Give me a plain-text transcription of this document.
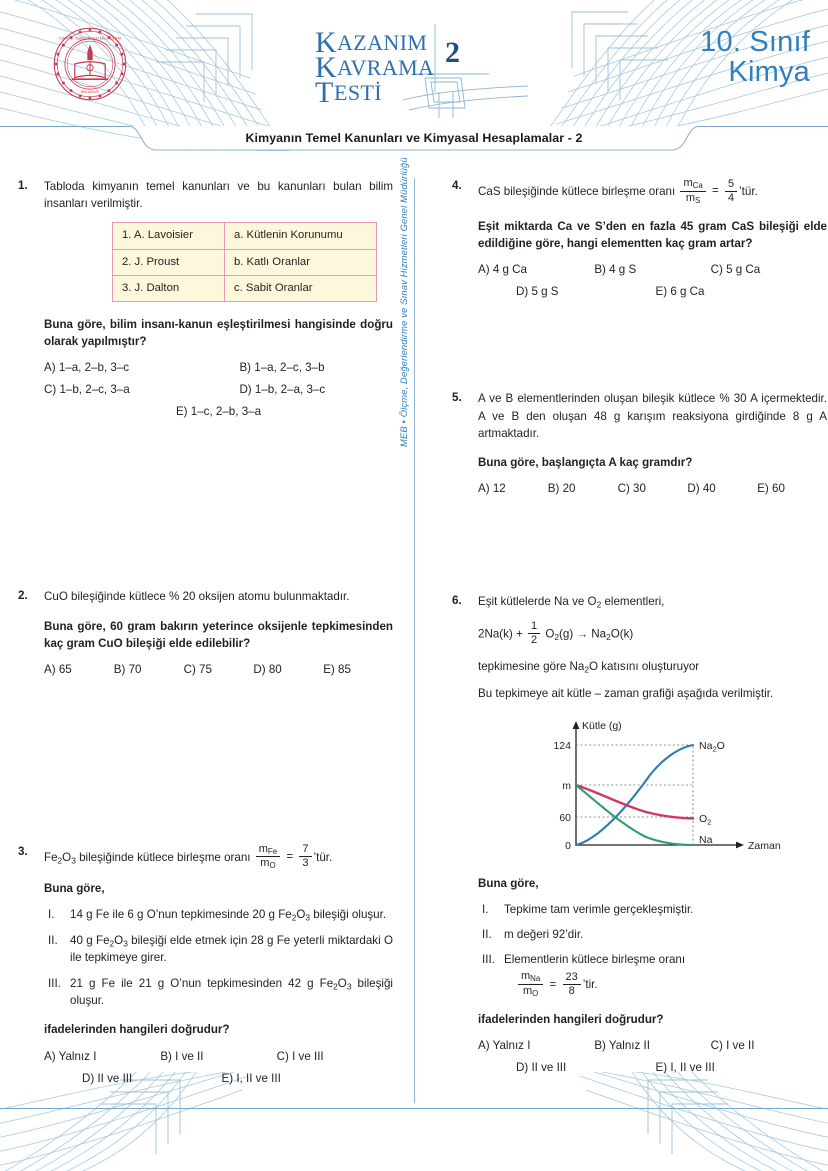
TÜRKİYE CUMHURİYETİ MİLLÎ EĞİTİM
BAKANLIĞI
K AZANIM
K AVRAMA
T ESTİ
2	10. Sınıf
Kimya
Kimyanın Temel Kanunları ve Kimyasal Hesaplamalar - 2
MEB • Ölçme, Değerlendirme ve Sınav Hizmetleri Genel Müdürlüğü
1.	Tabloda kimyanın temel kanunları ve bu kanunları bulan bilim insanları verilmiştir.

1. A. Lavoisier	a. Kütlenin Korunumu
2. J. Proust	b. Katlı Oranlar
3. J. Dalton	c. Sabit Oranlar

Buna göre, bilim insanı-kanun eşleştirilmesi hangisinde doğru olarak yapılmıştır?

A) 1–a, 2–b, 3–c	B) 1–a, 2–c, 3–b
C) 1–b, 2–c, 3–a	D) 1–b, 2–a, 3–c
E) 1–c, 2–b, 3–a
2.	CuO bileşiğinde kütlece % 20 oksijen atomu bulunmaktadır.

Buna göre, 60 gram bakırın yeterince oksijenle tepkimesinden kaç gram CuO bileşiği elde edilebilir?

A) 65	B) 70	C) 75	D) 80	E) 85
3.	$Fe_2O_3$ bileşiğinde kütlece birleşme oranı $\frac{m_{Fe}}{m_O} = \frac{7}{3}$ ’tür.

Buna göre,

I.	14 g Fe ile 6 g O’nun tepkimesinde 20 g $Fe_2O_3$ bileşiği oluşur.
II.	40 g $Fe_2O_3$ bileşiği elde etmek için 28 g Fe yeterli miktardaki O ile tepkimeye girer.
III. 21 g Fe ile 21 g O’nun tepkimesinden 42 g $Fe_2O_3$ bileşiği oluşur.

ifadelerinden hangileri doğrudur?

A) Yalnız I	B) I ve II	C) I ve III
D) II ve III	E) I, II ve III
4.	CaS bileşiğinde kütlece birleşme oranı $\frac{m_{Ca}}{m_S} = \frac{5}{4}$ ’tür.

Eşit miktarda Ca ve S’den en fazla 45 gram CaS bileşiği elde edildiğine göre, hangi elementten kaç gram artar?

A) 4 g Ca	B) 4 g S	C) 5 g Ca
D) 5 g S	E) 6 g Ca
5.	A ve B elementlerinden oluşan bileşik kütlece % 30 A içermektedir. A ve B den oluşan 48 g karışım reaksiyona girdiğinde 8 g A artmaktadır.

Buna göre, başlangıçta A kaç gramdır?

A) 12	B) 20	C) 30	D) 40	E) 60
6.	Eşit kütlelerde Na ve $O_2$ elementleri,

$2Na(k) + \frac{1}{2} O_2(g) \to Na_2O(k)$

tepkimesine göre $Na_2O$ katısını oluşturuyor

Bu tepkimeye ait kütle – zaman grafiği aşağıda verilmiştir.

124
m
60
0
Kütle (g)
Zaman
$Na_2O$
$O_2$
Na

Buna göre,

I.	Tepkime tam verimle gerçekleşmiştir.
II.	m değeri 92’dir.
III. Elementlerin kütlece birleşme oranı
$\frac{m_{Na}}{m_O} = \frac{23}{8}$ ’tir.

ifadelerinden hangileri doğrudur?

A) Yalnız I	B) Yalnız II	C) I ve II
D) II ve III	E) I, II ve III
